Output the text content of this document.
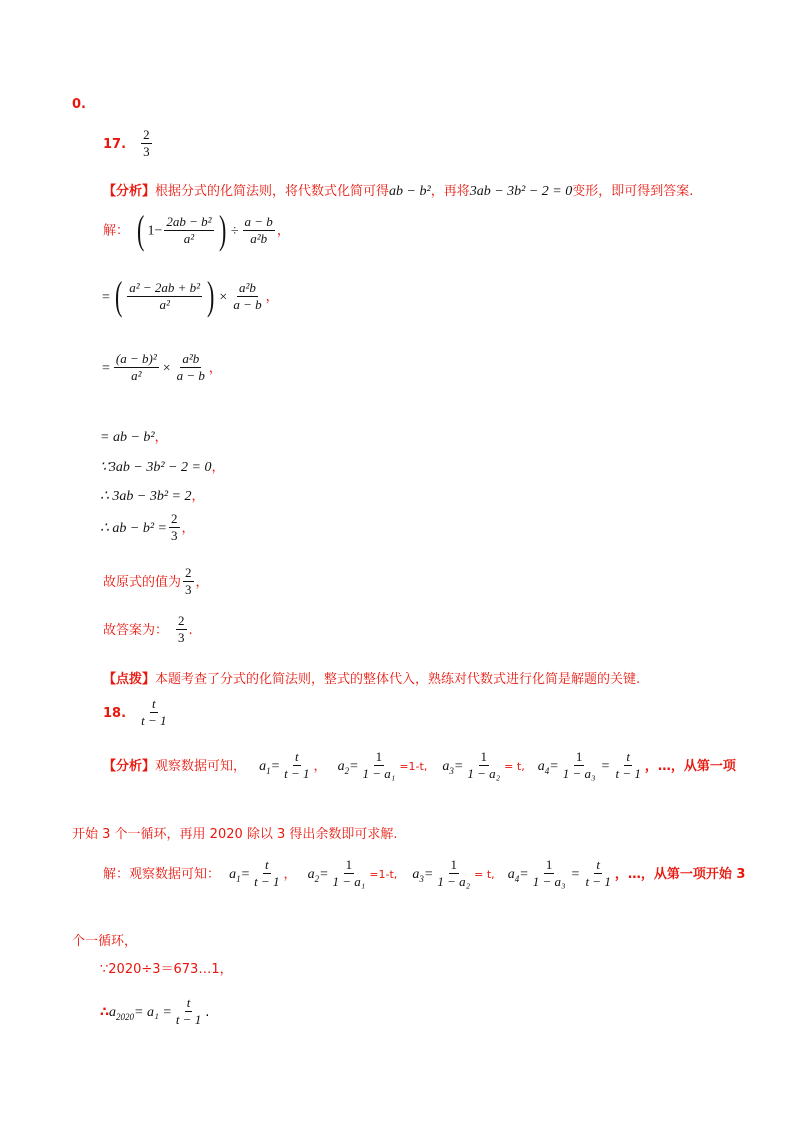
0.
17. $\frac{2}{3}$
【分析】根据分式的化简法则，将代数式化简可得ab − b²，再将3ab − 3b² − 2 = 0变形，即可得到答案.
解： ( $1- \frac{\text{2ab − b²}}{\text{a²}}$ ) ÷ $\frac{a - b}{\text{a²b}}$ ，
= ( $\frac{\text{a² − 2ab + b²}}{\text{a²}}$ ) × $\frac{\text{a²b}}{a - b}$ ，
= $\frac{\text{(a − b)²}}{\text{a²}} \times \frac{\text{a²b}}{a - b}$ ，
= ab − b²，
∵3ab − 3b² − 2 = 0，
∴ 3ab − 3b² = 2，
∴ ab − $b^2 = \frac{2}{3}$ ，
故原式的值为 $\frac{2}{3}$ ，
故答案为： $\frac{2}{3}$ .
【点拨】本题考查了分式的化简法则，整式的整体代入，熟练对代数式进行化简是解题的关键.
18. $\frac{t}{t - 1}$
【分析】观察数据可知， $a_1= \frac{t}{t - 1}$ ， $a_2= \frac{1}{\text{1 − a₁}} =1-t$, $a_3= \frac{1}{\text{1 − a₂}} = t$, $a_4= \frac{1}{\text{1 − a₃}} = \frac{t}{t - 1}$ ，…，从第一项
开始 3 个一循环，再用 2020 除以 3 得出余数即可求解.
解：观察数据可知： $a_1= \frac{t}{t - 1}$ ， $a_2= \frac{1}{\text{1 − a₁}} =1-t$, $a_3= \frac{1}{\text{1 − a₂}} = t$, $a_4= \frac{1}{\text{1 − a₃}} = \frac{t}{t - 1}$ ，…，从第一项开始 3
个一循环，
∵2020÷3＝673…1，
$\therefore a_{2020}= a_1 = \frac{t}{t - 1}$ .
